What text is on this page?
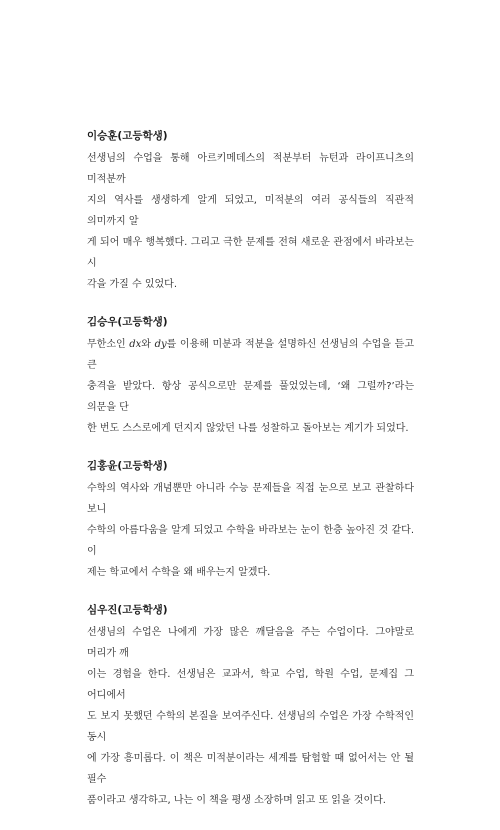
이승훈(고등학생)

선생님의 수업을 통해 아르키메데스의 적분부터 뉴턴과 라이프니츠의 미적분까
지의 역사를 생생하게 알게 되었고, 미적분의 여러 공식들의 직관적 의미까지 알
게 되어 매우 행복했다. 그리고 극한 문제를 전혀 새로운 관점에서 바라보는 시
각을 가질 수 있었다.

김승우(고등학생)

무한소인 dx와 dy를 이용해 미분과 적분을 설명하신 선생님의 수업을 듣고 큰
충격을 받았다. 항상 공식으로만 문제를 풀었었는데, ‘왜 그럴까?’라는 의문을 단
한 번도 스스로에게 던지지 않았던 나를 성찰하고 돌아보는 계기가 되었다.

김홍윤(고등학생)

수학의 역사와 개념뿐만 아니라 수능 문제들을 직접 눈으로 보고 관찰하다 보니
수학의 아름다움을 알게 되었고 수학을 바라보는 눈이 한층 높아진 것 같다. 이
제는 학교에서 수학을 왜 배우는지 알겠다.

심우진(고등학생)

선생님의 수업은 나에게 가장 많은 깨달음을 주는 수업이다. 그야말로 머리가 깨
이는 경험을 한다. 선생님은 교과서, 학교 수업, 학원 수업, 문제집 그 어디에서
도 보지 못했던 수학의 본질을 보여주신다. 선생님의 수업은 가장 수학적인 동시
에 가장 흥미롭다. 이 책은 미적분이라는 세계를 탐험할 때 없어서는 안 될 필수
품이라고 생각하고, 나는 이 책을 평생 소장하며 읽고 또 읽을 것이다.
